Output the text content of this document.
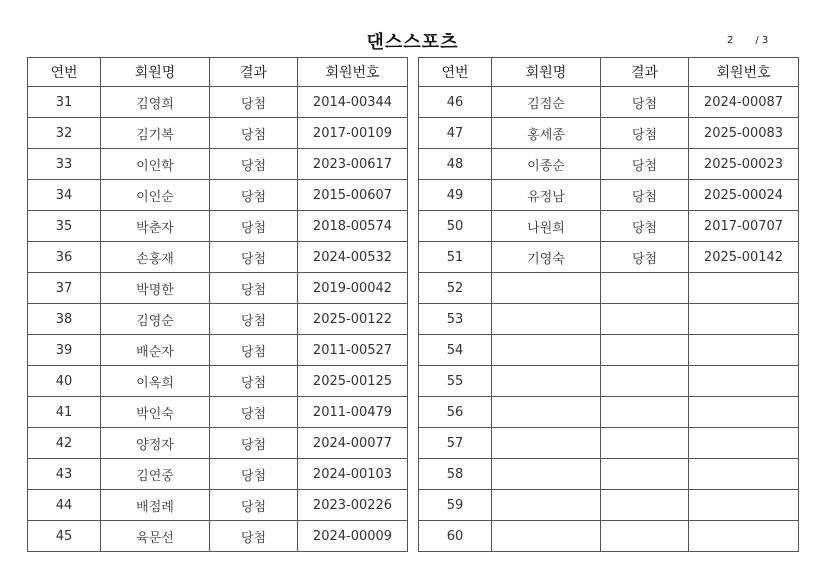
댄스스포츠	2 / 3
연번	회원명	결과	회원번호
31	김영희	당첨	2014-00344
32	김기복	당첨	2017-00109
33	이인학	당첨	2023-00617
34	이인순	당첨	2015-00607
35	박춘자	당첨	2018-00574
36	손홍재	당첨	2024-00532
37	박명한	당첨	2019-00042
38	김영순	당첨	2025-00122
39	배순자	당첨	2011-00527
40	이옥희	당첨	2025-00125
41	박인숙	당첨	2011-00479
42	양정자	당첨	2024-00077
43	김연중	당첨	2024-00103
44	배점례	당첨	2023-00226
45	육문선	당첨	2024-00009
연번	회원명	결과	회원번호
46	김점순	당첨	2024-00087
47	홍세종	당첨	2025-00083
48	이종순	당첨	2025-00023
49	유정남	당첨	2025-00024
50	나원희	당첨	2017-00707
51	기영숙	당첨	2025-00142
52			
53			
54			
55			
56			
57			
58			
59			
60			
